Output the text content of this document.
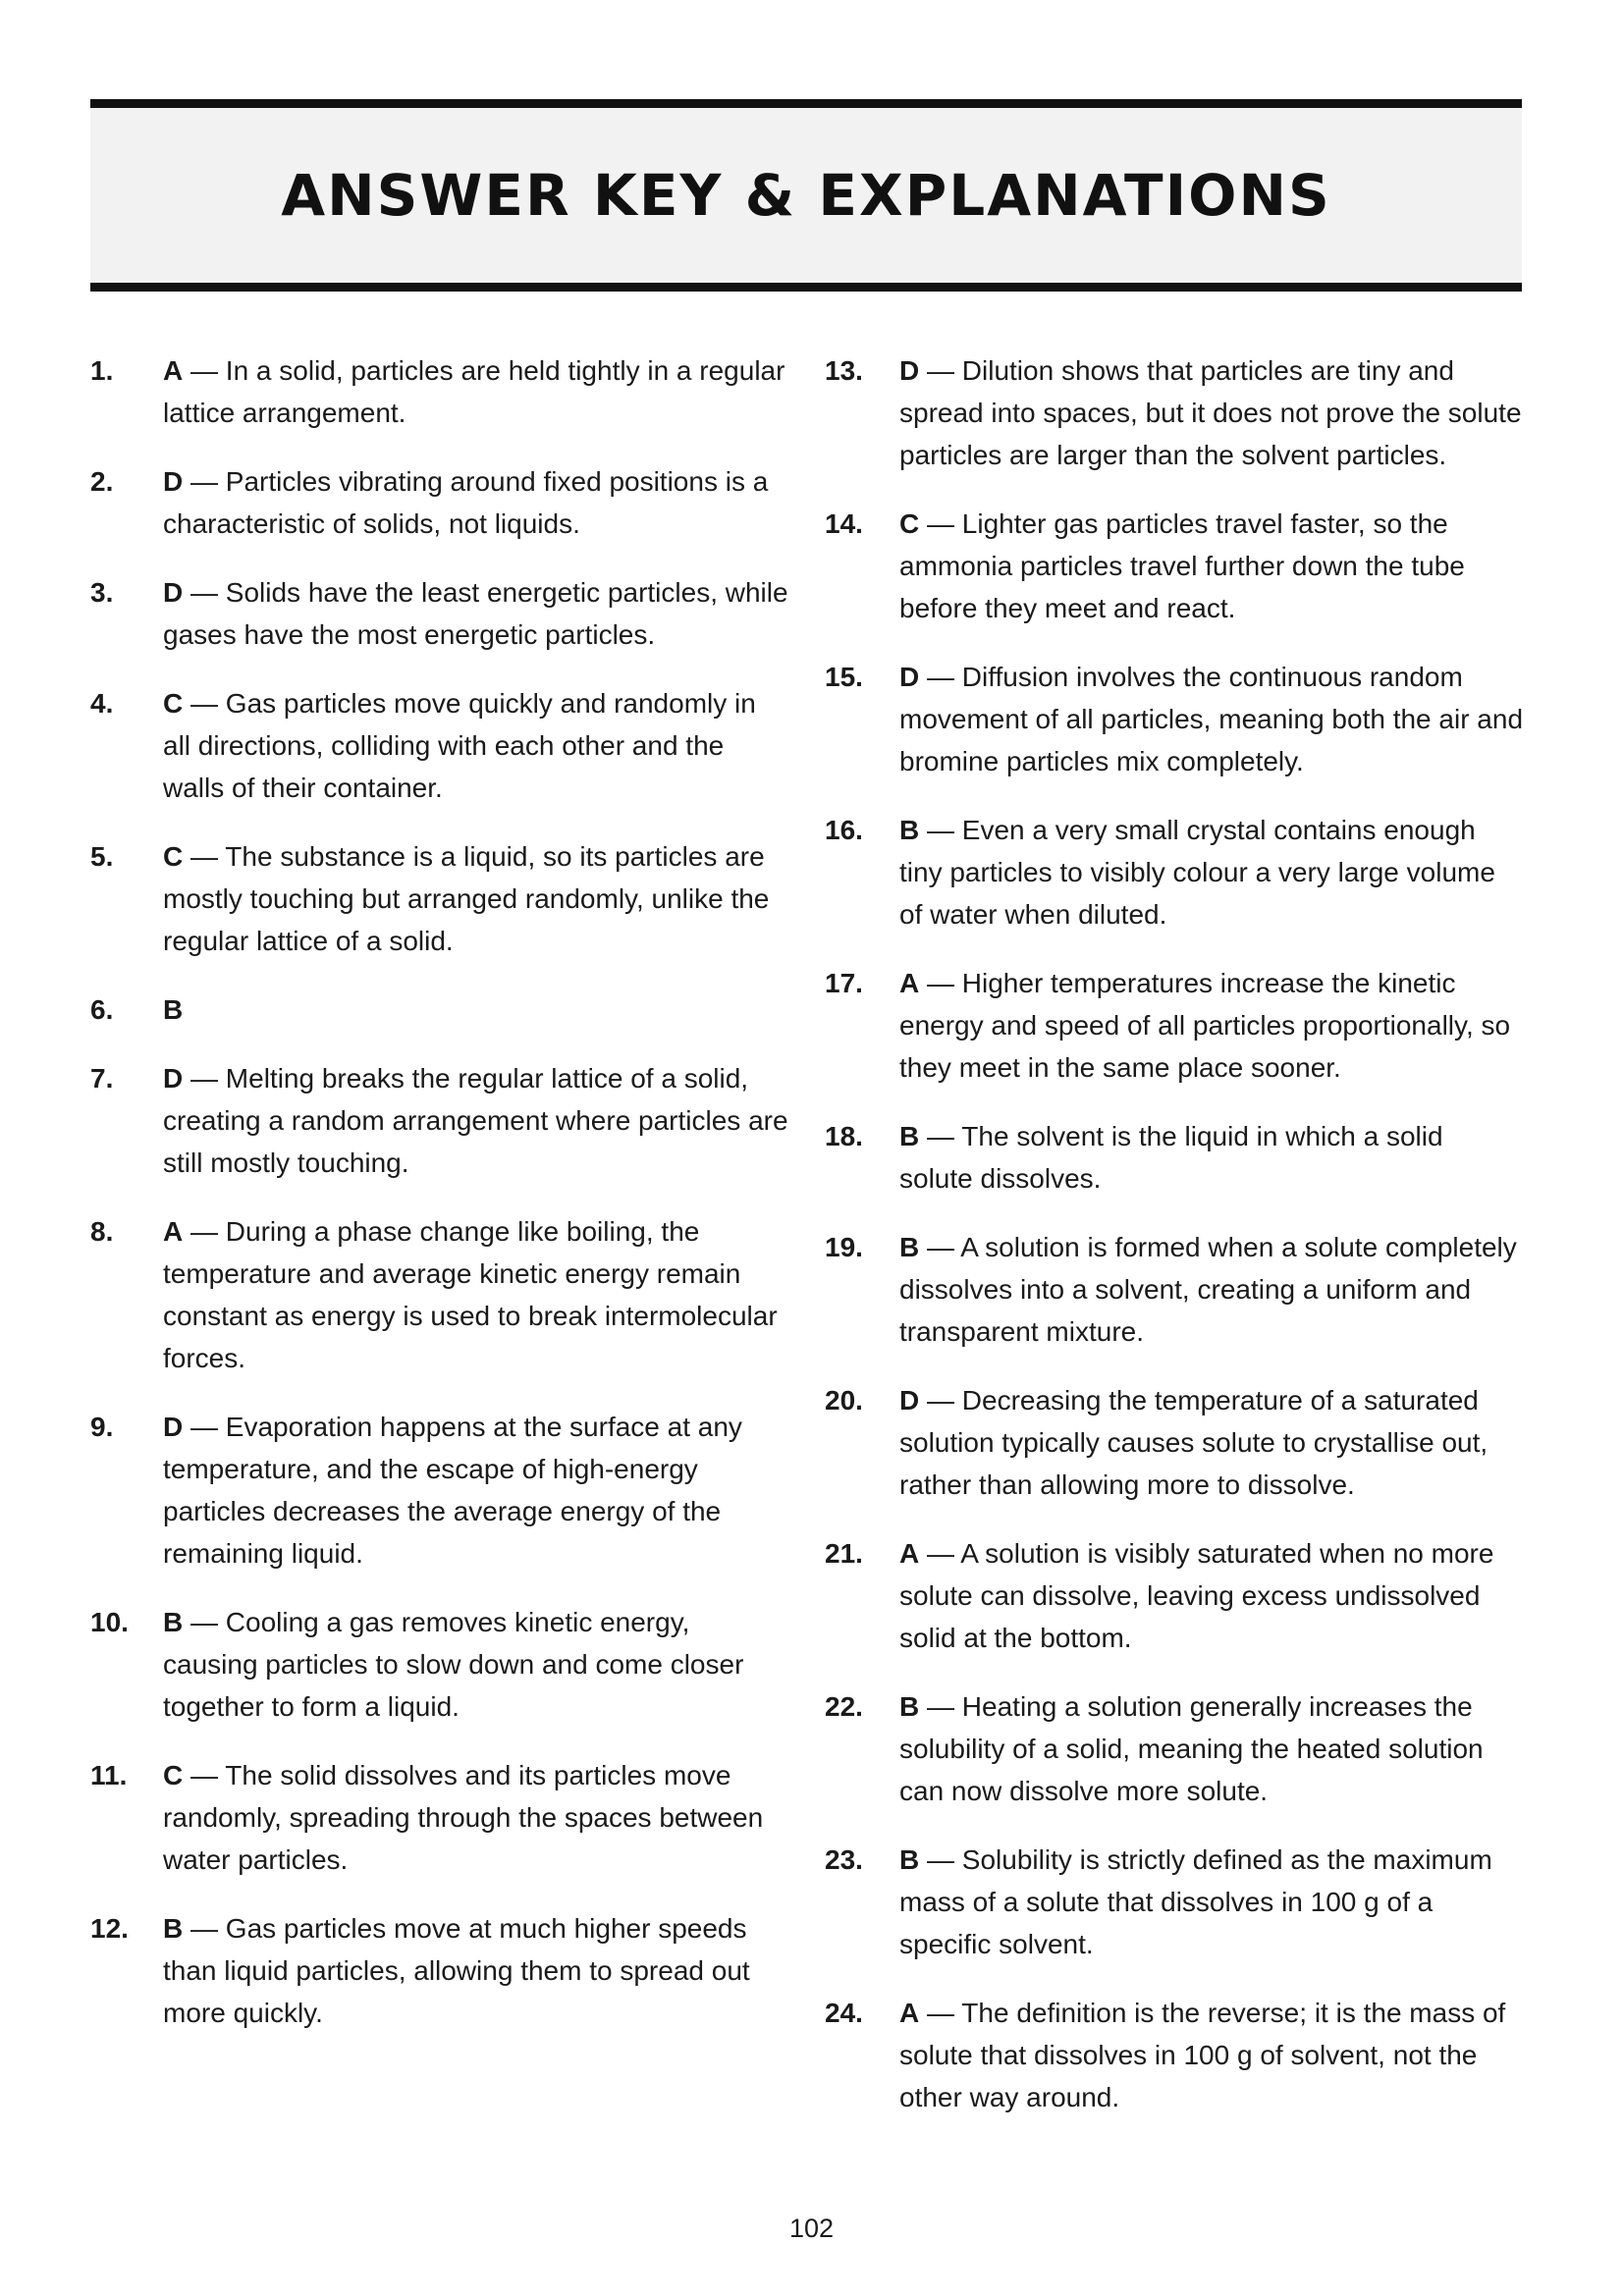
ANSWER KEY & EXPLANATIONS
1. A — In a solid, particles are held tightly in a regular lattice arrangement.
2. D — Particles vibrating around fixed positions is a characteristic of solids, not liquids.
3. D — Solids have the least energetic particles, while gases have the most energetic particles.
4. C — Gas particles move quickly and randomly in all directions, colliding with each other and the walls of their container.
5. C — The substance is a liquid, so its particles are mostly touching but arranged randomly, unlike the regular lattice of a solid.
6. B
7. D — Melting breaks the regular lattice of a solid, creating a random arrangement where particles are still mostly touching.
8. A — During a phase change like boiling, the temperature and average kinetic energy remain constant as energy is used to break intermolecular forces.
9. D — Evaporation happens at the surface at any temperature, and the escape of high-energy particles decreases the average energy of the remaining liquid.
10. B — Cooling a gas removes kinetic energy, causing particles to slow down and come closer together to form a liquid.
11. C — The solid dissolves and its particles move randomly, spreading through the spaces between water particles.
12. B — Gas particles move at much higher speeds than liquid particles, allowing them to spread out more quickly.
13. D — Dilution shows that particles are tiny and spread into spaces, but it does not prove the solute particles are larger than the solvent particles.
14. C — Lighter gas particles travel faster, so the ammonia particles travel further down the tube before they meet and react.
15. D — Diffusion involves the continuous random movement of all particles, meaning both the air and bromine particles mix completely.
16. B — Even a very small crystal contains enough tiny particles to visibly colour a very large volume of water when diluted.
17. A — Higher temperatures increase the kinetic energy and speed of all particles proportionally, so they meet in the same place sooner.
18. B — The solvent is the liquid in which a solid solute dissolves.
19. B — A solution is formed when a solute completely dissolves into a solvent, creating a uniform and transparent mixture.
20. D — Decreasing the temperature of a saturated solution typically causes solute to crystallise out, rather than allowing more to dissolve.
21. A — A solution is visibly saturated when no more solute can dissolve, leaving excess undissolved solid at the bottom.
22. B — Heating a solution generally increases the solubility of a solid, meaning the heated solution can now dissolve more solute.
23. B — Solubility is strictly defined as the maximum mass of a solute that dissolves in 100 g of a specific solvent.
24. A — The definition is the reverse; it is the mass of solute that dissolves in 100 g of solvent, not the other way around.
102
